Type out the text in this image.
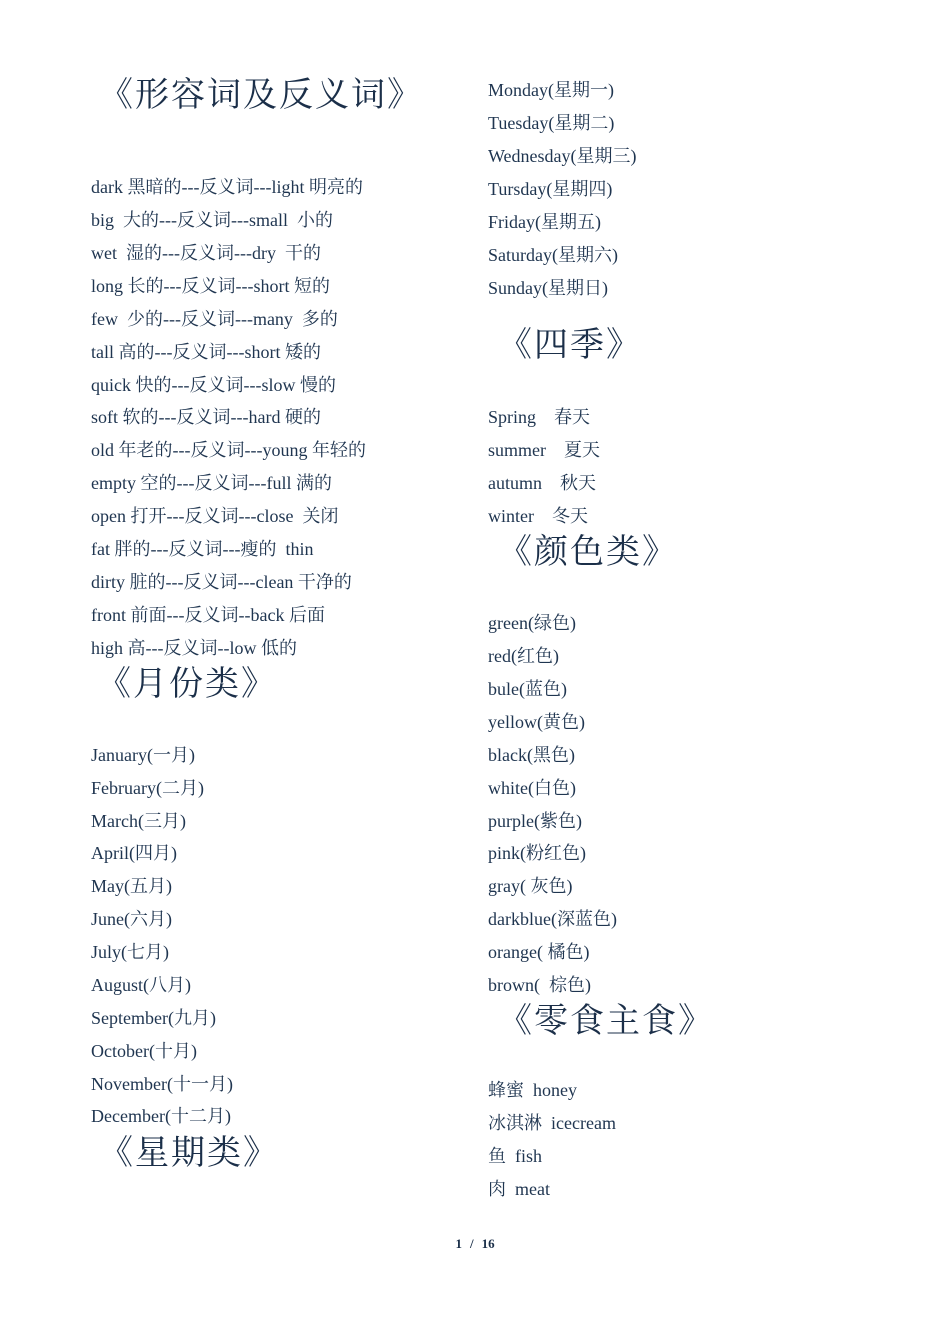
《形容词及反义词》
dark 黑暗的---反义词---light 明亮的
big  大的---反义词---small  小的
wet  湿的---反义词---dry  干的
long 长的---反义词---short 短的
few  少的---反义词---many  多的
tall 高的---反义词---short 矮的
quick 快的---反义词---slow 慢的
soft 软的---反义词---hard 硬的
old 年老的---反义词---young 年轻的
empty 空的---反义词---full 满的
open 打开---反义词---close  关闭
fat 胖的---反义词---瘦的  thin
dirty 脏的---反义词---clean 干净的
front 前面---反义词--back 后面
high 高---反义词--low 低的
《月份类》
January(一月)
February(二月)
March(三月)
April(四月)
May(五月)
June(六月)
July(七月)
August(八月)
September(九月)
October(十月)
November(十一月)
December(十二月)
《星期类》
Monday(星期一)
Tuesday(星期二)
Wednesday(星期三)
Tursday(星期四)
Friday(星期五)
Saturday(星期六)
Sunday(星期日)
《四季》
Spring    春天
summer    夏天
autumn    秋天
winter    冬天
《颜色类》
green(绿色)
red(红色)
bule(蓝色)
yellow(黄色)
black(黑色)
white(白色)
purple(紫色)
pink(粉红色)
gray( 灰色)
darkblue(深蓝色)
orange( 橘色)
brown(  棕色)
《零食主食》
蜂蜜  honey
冰淇淋  icecream
鱼  fish
肉  meat
1 / 16
